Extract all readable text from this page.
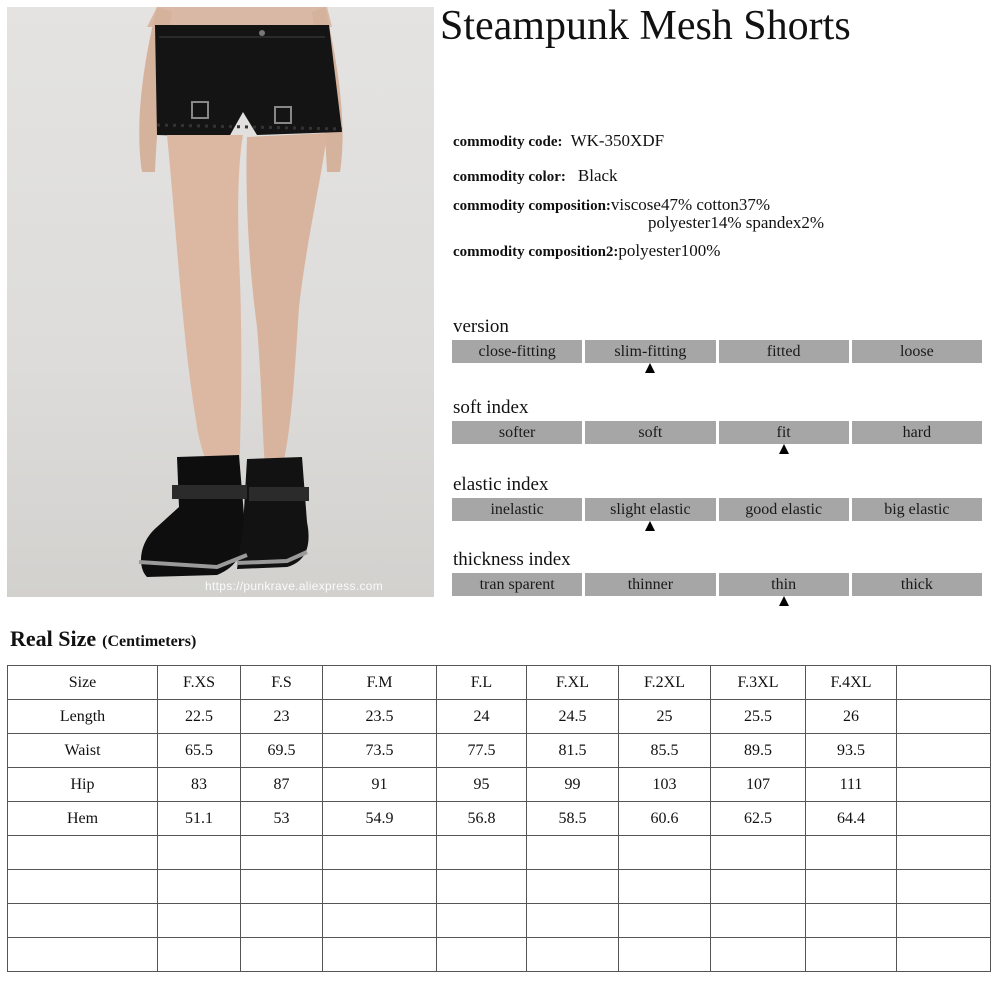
https://punkrave.aliexpress.com
Steampunk Mesh Shorts
commodity code: WK-350XDF
commodity color: Black
commodity composition:viscose47% cotton37%
polyester14% spandex2%
commodity composition2:polyester100%
version
close-fitting	slim-fitting	fitted	loose
soft index
softer	soft	fit	hard
elastic index
inelastic	slight elastic	good elastic	big elastic
thickness index
tran sparent	thinner	thin	thick
Real Size (Centimeters)
Size	F.XS	F.S	F.M	F.L	F.XL	F.2XL	F.3XL	F.4XL	
Length	22.5	23	23.5	24	24.5	25	25.5	26	
Waist	65.5	69.5	73.5	77.5	81.5	85.5	89.5	93.5	
Hip	83	87	91	95	99	103	107	111	
Hem	51.1	53	54.9	56.8	58.5	60.6	62.5	64.4	
